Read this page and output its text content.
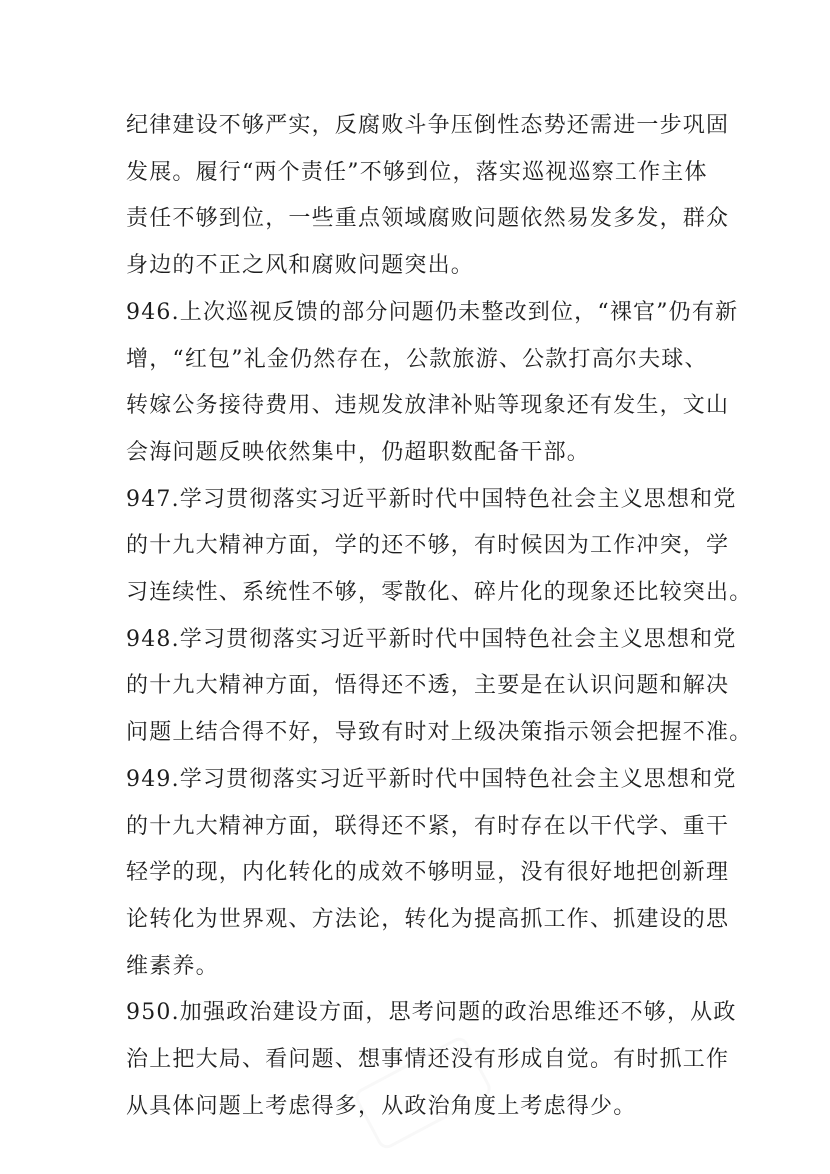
纪律建设不够严实，反腐败斗争压倒性态势还需进一步巩固
发展。履行“两个责任”不够到位，落实巡视巡察工作主体
责任不够到位，一些重点领域腐败问题依然易发多发，群众
身边的不正之风和腐败问题突出。

946.上次巡视反馈的部分问题仍未整改到位，“裸官”仍有新
增，“红包”礼金仍然存在，公款旅游、公款打高尔夫球、
转嫁公务接待费用、违规发放津补贴等现象还有发生，文山
会海问题反映依然集中，仍超职数配备干部。

947.学习贯彻落实习近平新时代中国特色社会主义思想和党
的十九大精神方面，学的还不够，有时候因为工作冲突，学
习连续性、系统性不够，零散化、碎片化的现象还比较突出。

948.学习贯彻落实习近平新时代中国特色社会主义思想和党
的十九大精神方面，悟得还不透，主要是在认识问题和解决
问题上结合得不好，导致有时对上级决策指示领会把握不准。

949.学习贯彻落实习近平新时代中国特色社会主义思想和党
的十九大精神方面，联得还不紧，有时存在以干代学、重干
轻学的现，内化转化的成效不够明显，没有很好地把创新理
论转化为世界观、方法论，转化为提高抓工作、抓建设的思
维素养。

950.加强政治建设方面，思考问题的政治思维还不够，从政
治上把大局、看问题、想事情还没有形成自觉。有时抓工作
从具体问题上考虑得多，从政治角度上考虑得少。
